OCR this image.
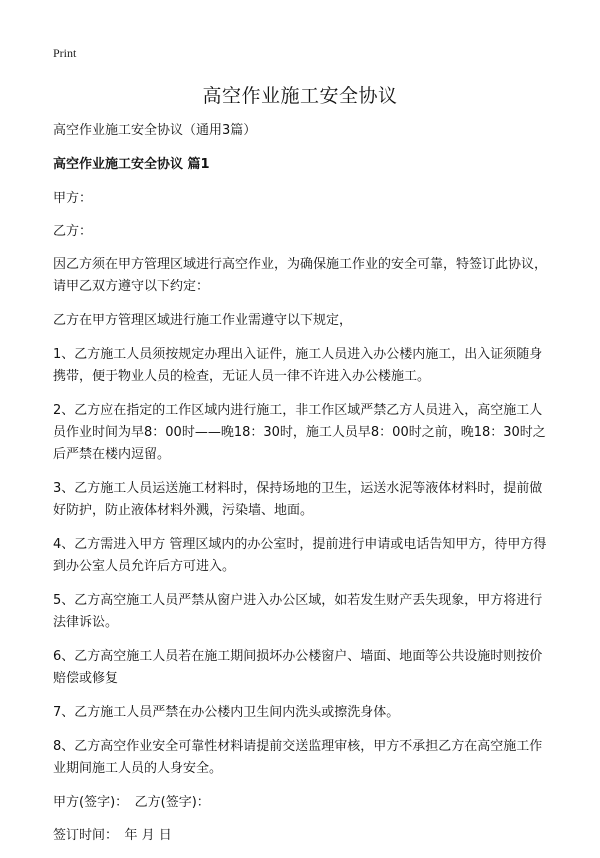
Print
高空作业施工安全协议

高空作业施工安全协议（通用3篇）

高空作业施工安全协议 篇1

甲方：

乙方：

因乙方须在甲方管理区域进行高空作业，为确保施工作业的安全可靠，特签订此协议，请甲乙双方遵守以下约定：

乙方在甲方管理区域进行施工作业需遵守以下规定，

1、乙方施工人员须按规定办理出入证件，施工人员进入办公楼内施工，出入证须随身携带，便于物业人员的检查，无证人员一律不许进入办公楼施工。

2、乙方应在指定的工作区域内进行施工，非工作区域严禁乙方人员进入，高空施工人员作业时间为早8：00时——晚18：30时，施工人员早8：00时之前，晚18：30时之后严禁在楼内逗留。

3、乙方施工人员运送施工材料时，保持场地的卫生，运送水泥等液体材料时，提前做好防护，防止液体材料外溅，污染墙、地面。

4、乙方需进入甲方 管理区域内的办公室时，提前进行申请或电话告知甲方，待甲方得到办公室人员允许后方可进入。

5、乙方高空施工人员严禁从窗户进入办公区域，如若发生财产丢失现象，甲方将进行法律诉讼。

6、乙方高空施工人员若在施工期间损坏办公楼窗户、墙面、地面等公共设施时则按价赔偿或修复

7、乙方施工人员严禁在办公楼内卫生间内洗头或擦洗身体。

8、乙方高空作业安全可靠性材料请提前交送监理审核，甲方不承担乙方在高空施工作业期间施工人员的人身安全。

甲方(签字)：　乙方(签字)：

签订时间：　年 月 日
